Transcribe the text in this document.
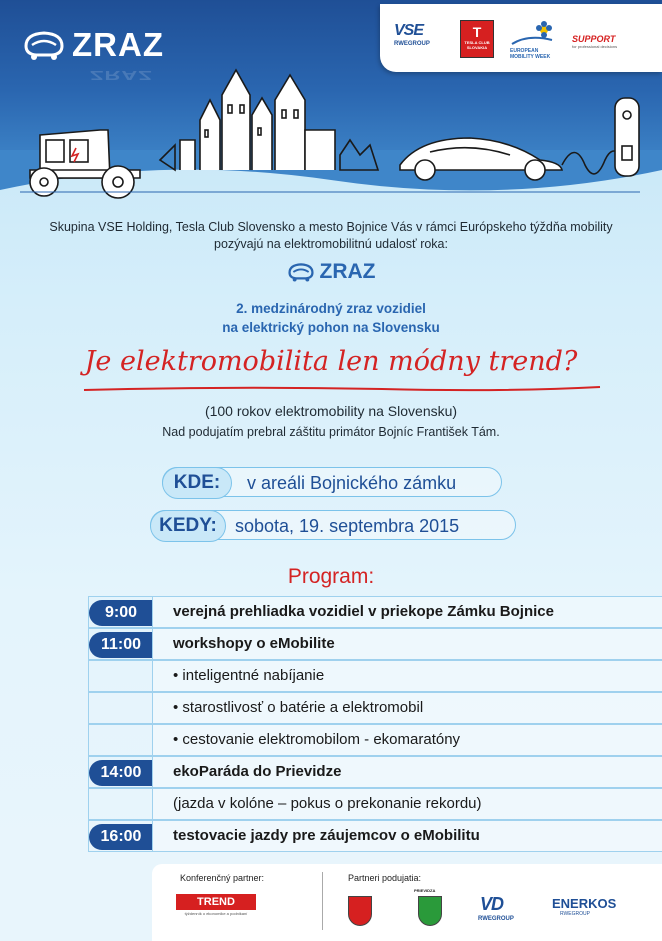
ZRAZ
ZRAZ
VSE
RWEGROUP
T
TESLA CLUB SLOVAKIA
EUROPEAN
MOBILITY WEEK
SUPPORT
for professional decisions
Skupina VSE Holding, Tesla Club Slovensko a mesto Bojnice Vás v rámci Európskeho týždňa mobility
pozývajú na elektromobilitnú udalosť roka:
ZRAZ
2. medzinárodný zraz vozidiel
na elektrický pohon na Slovensku
Je elektromobilita len módny trend?
(100 rokov elektromobility na Slovensku)
Nad podujatím prebral záštitu primátor Bojníc František Tám.
KDE:	v areáli Bojnického zámku
KEDY:	sobota, 19. septembra 2015
Program:
9:00	verejná prehliadka vozidiel v priekope Zámku Bojnice
11:00	workshopy o eMobilite
• inteligentné nabíjanie
• starostlivosť o batérie a elektromobil
• cestovanie elektromobilom - ekomaratóny
14:00	ekoParáda do Prievidze
(jazda v kolóne – pokus o prekonanie rekordu)
16:00	testovacie jazdy pre záujemcov o eMobilitu
Konferenčný partner:	Partneri podujatia:
TREND
týždenník o ekonomike a podnikaní
PRIEVIDZA
VD
RWEGROUP
ENERKOS
RWEGROUP
